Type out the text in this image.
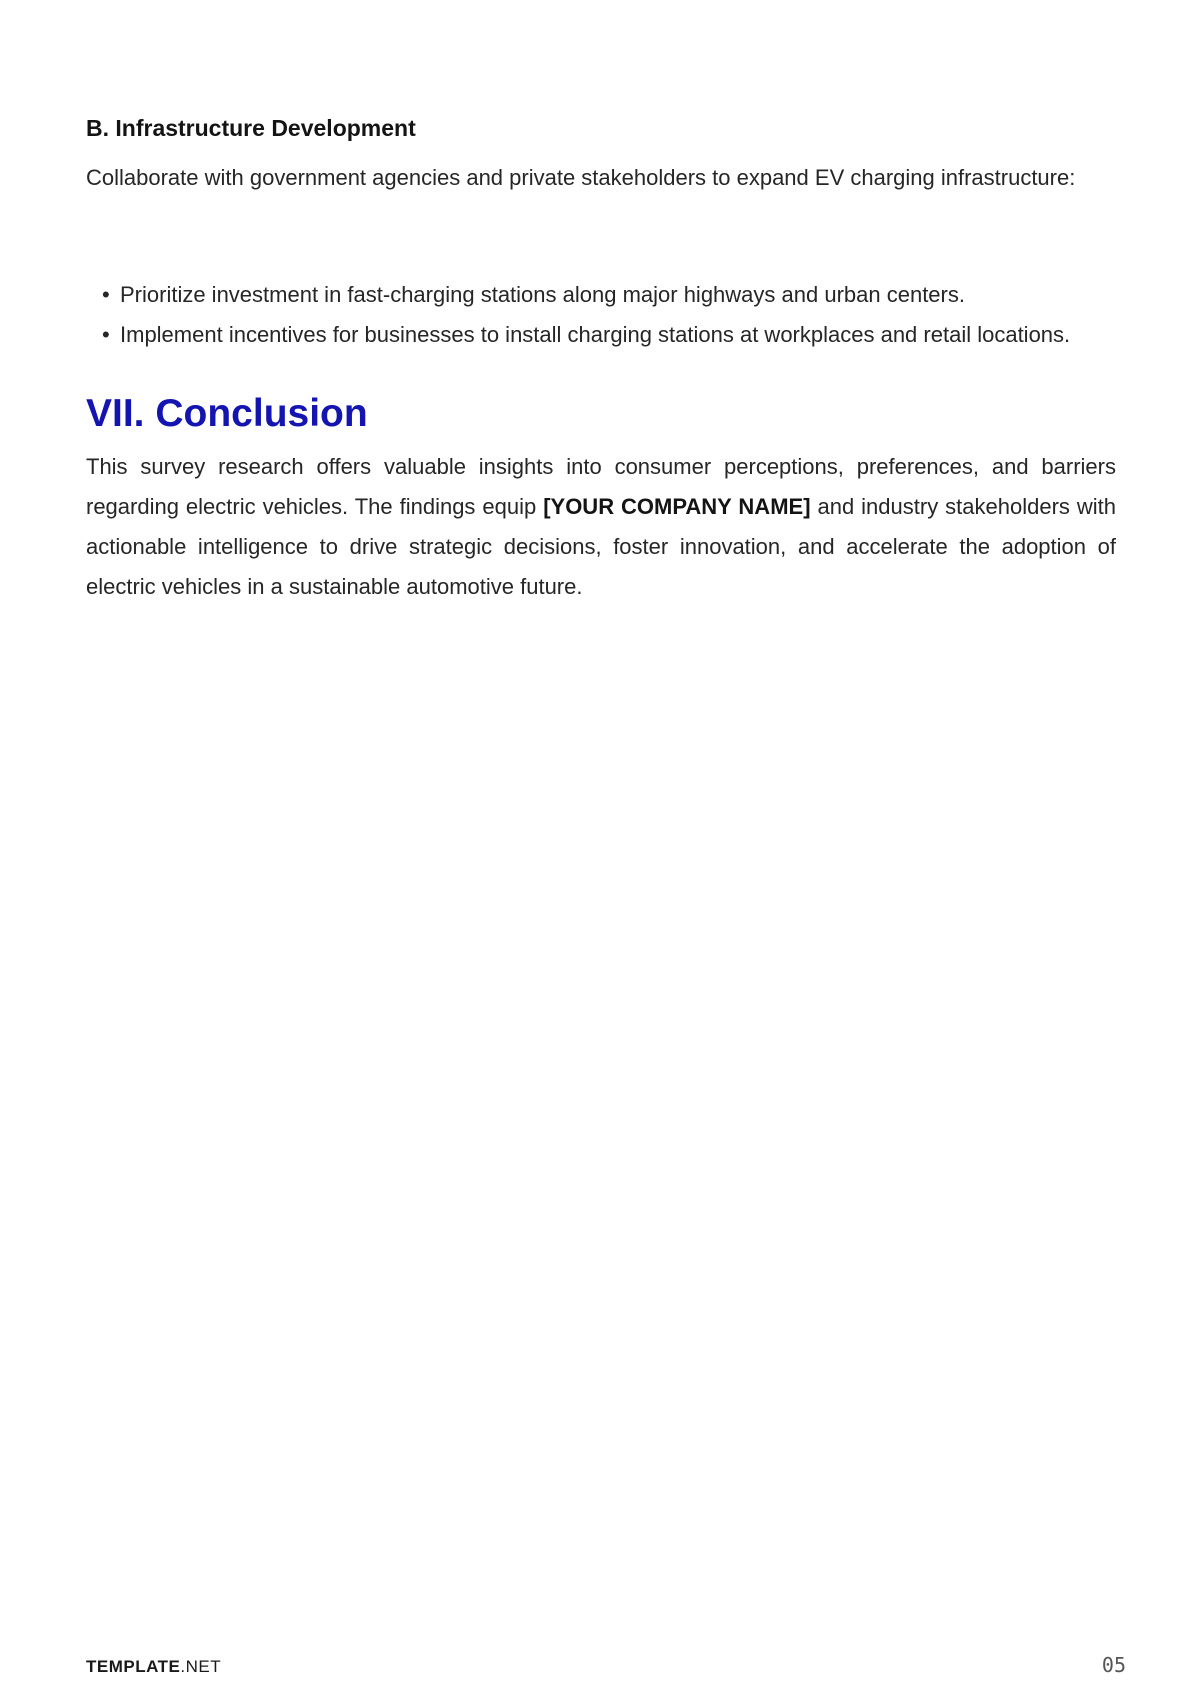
B. Infrastructure Development

Collaborate with government agencies and private stakeholders to expand EV charging infrastructure:

• Prioritize investment in fast-charging stations along major highways and urban centers.
• Implement incentives for businesses to install charging stations at workplaces and retail locations.
VII. Conclusion

This survey research offers valuable insights into consumer perceptions, preferences, and barriers regarding electric vehicles. The findings equip [YOUR COMPANY NAME] and industry stakeholders with actionable intelligence to drive strategic decisions, foster innovation, and accelerate the adoption of electric vehicles in a sustainable automotive future.

TEMPLATE.NET	05
